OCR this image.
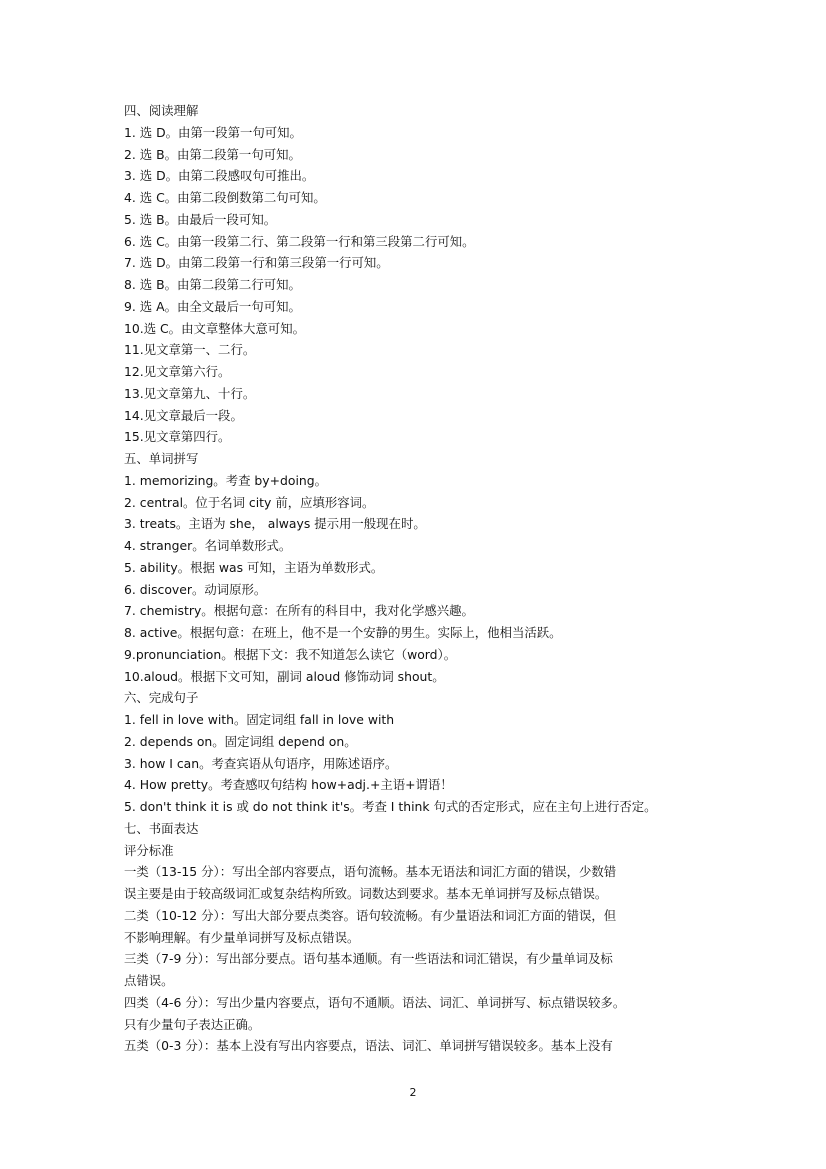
四、阅读理解
1. 选 D。由第一段第一句可知。
2. 选 B。由第二段第一句可知。
3. 选 D。由第二段感叹句可推出。
4. 选 C。由第二段倒数第二句可知。
5. 选 B。由最后一段可知。
6. 选 C。由第一段第二行、第二段第一行和第三段第二行可知。
7. 选 D。由第二段第一行和第三段第一行可知。
8. 选 B。由第二段第二行可知。
9. 选 A。由全文最后一句可知。
10.选 C。由文章整体大意可知。
11.见文章第一、二行。
12.见文章第六行。
13.见文章第九、十行。
14.见文章最后一段。
15.见文章第四行。
五、单词拼写
1. memorizing。考查 by+doing。
2. central。位于名词 city 前，应填形容词。
3. treats。主语为 she， always 提示用一般现在时。
4. stranger。名词单数形式。
5. ability。根据 was 可知，主语为单数形式。
6. discover。动词原形。
7. chemistry。根据句意：在所有的科目中，我对化学感兴趣。
8. active。根据句意：在班上，他不是一个安静的男生。实际上，他相当活跃。
9.pronunciation。根据下文：我不知道怎么读它（word）。
10.aloud。根据下文可知，副词 aloud 修饰动词 shout。
六、完成句子
1. fell in love with。固定词组 fall in love with
2. depends on。固定词组 depend on。
3. how I can。考查宾语从句语序，用陈述语序。
4. How pretty。考查感叹句结构 how+adj.+主语+谓语！
5. don't think it is 或 do not think it's。考查 I think 句式的否定形式，应在主句上进行否定。
七、书面表达
评分标准
一类（13-15 分）：写出全部内容要点，语句流畅。基本无语法和词汇方面的错误，少数错
误主要是由于较高级词汇或复杂结构所致。词数达到要求。基本无单词拼写及标点错误。
二类（10-12 分）：写出大部分要点类容。语句较流畅。有少量语法和词汇方面的错误，但
不影响理解。有少量单词拼写及标点错误。
三类（7-9 分）：写出部分要点。语句基本通顺。有一些语法和词汇错误，有少量单词及标
点错误。
四类（4-6 分）：写出少量内容要点，语句不通顺。语法、词汇、单词拼写、标点错误较多。
只有少量句子表达正确。
五类（0-3 分）：基本上没有写出内容要点，语法、词汇、单词拼写错误较多。基本上没有
2
